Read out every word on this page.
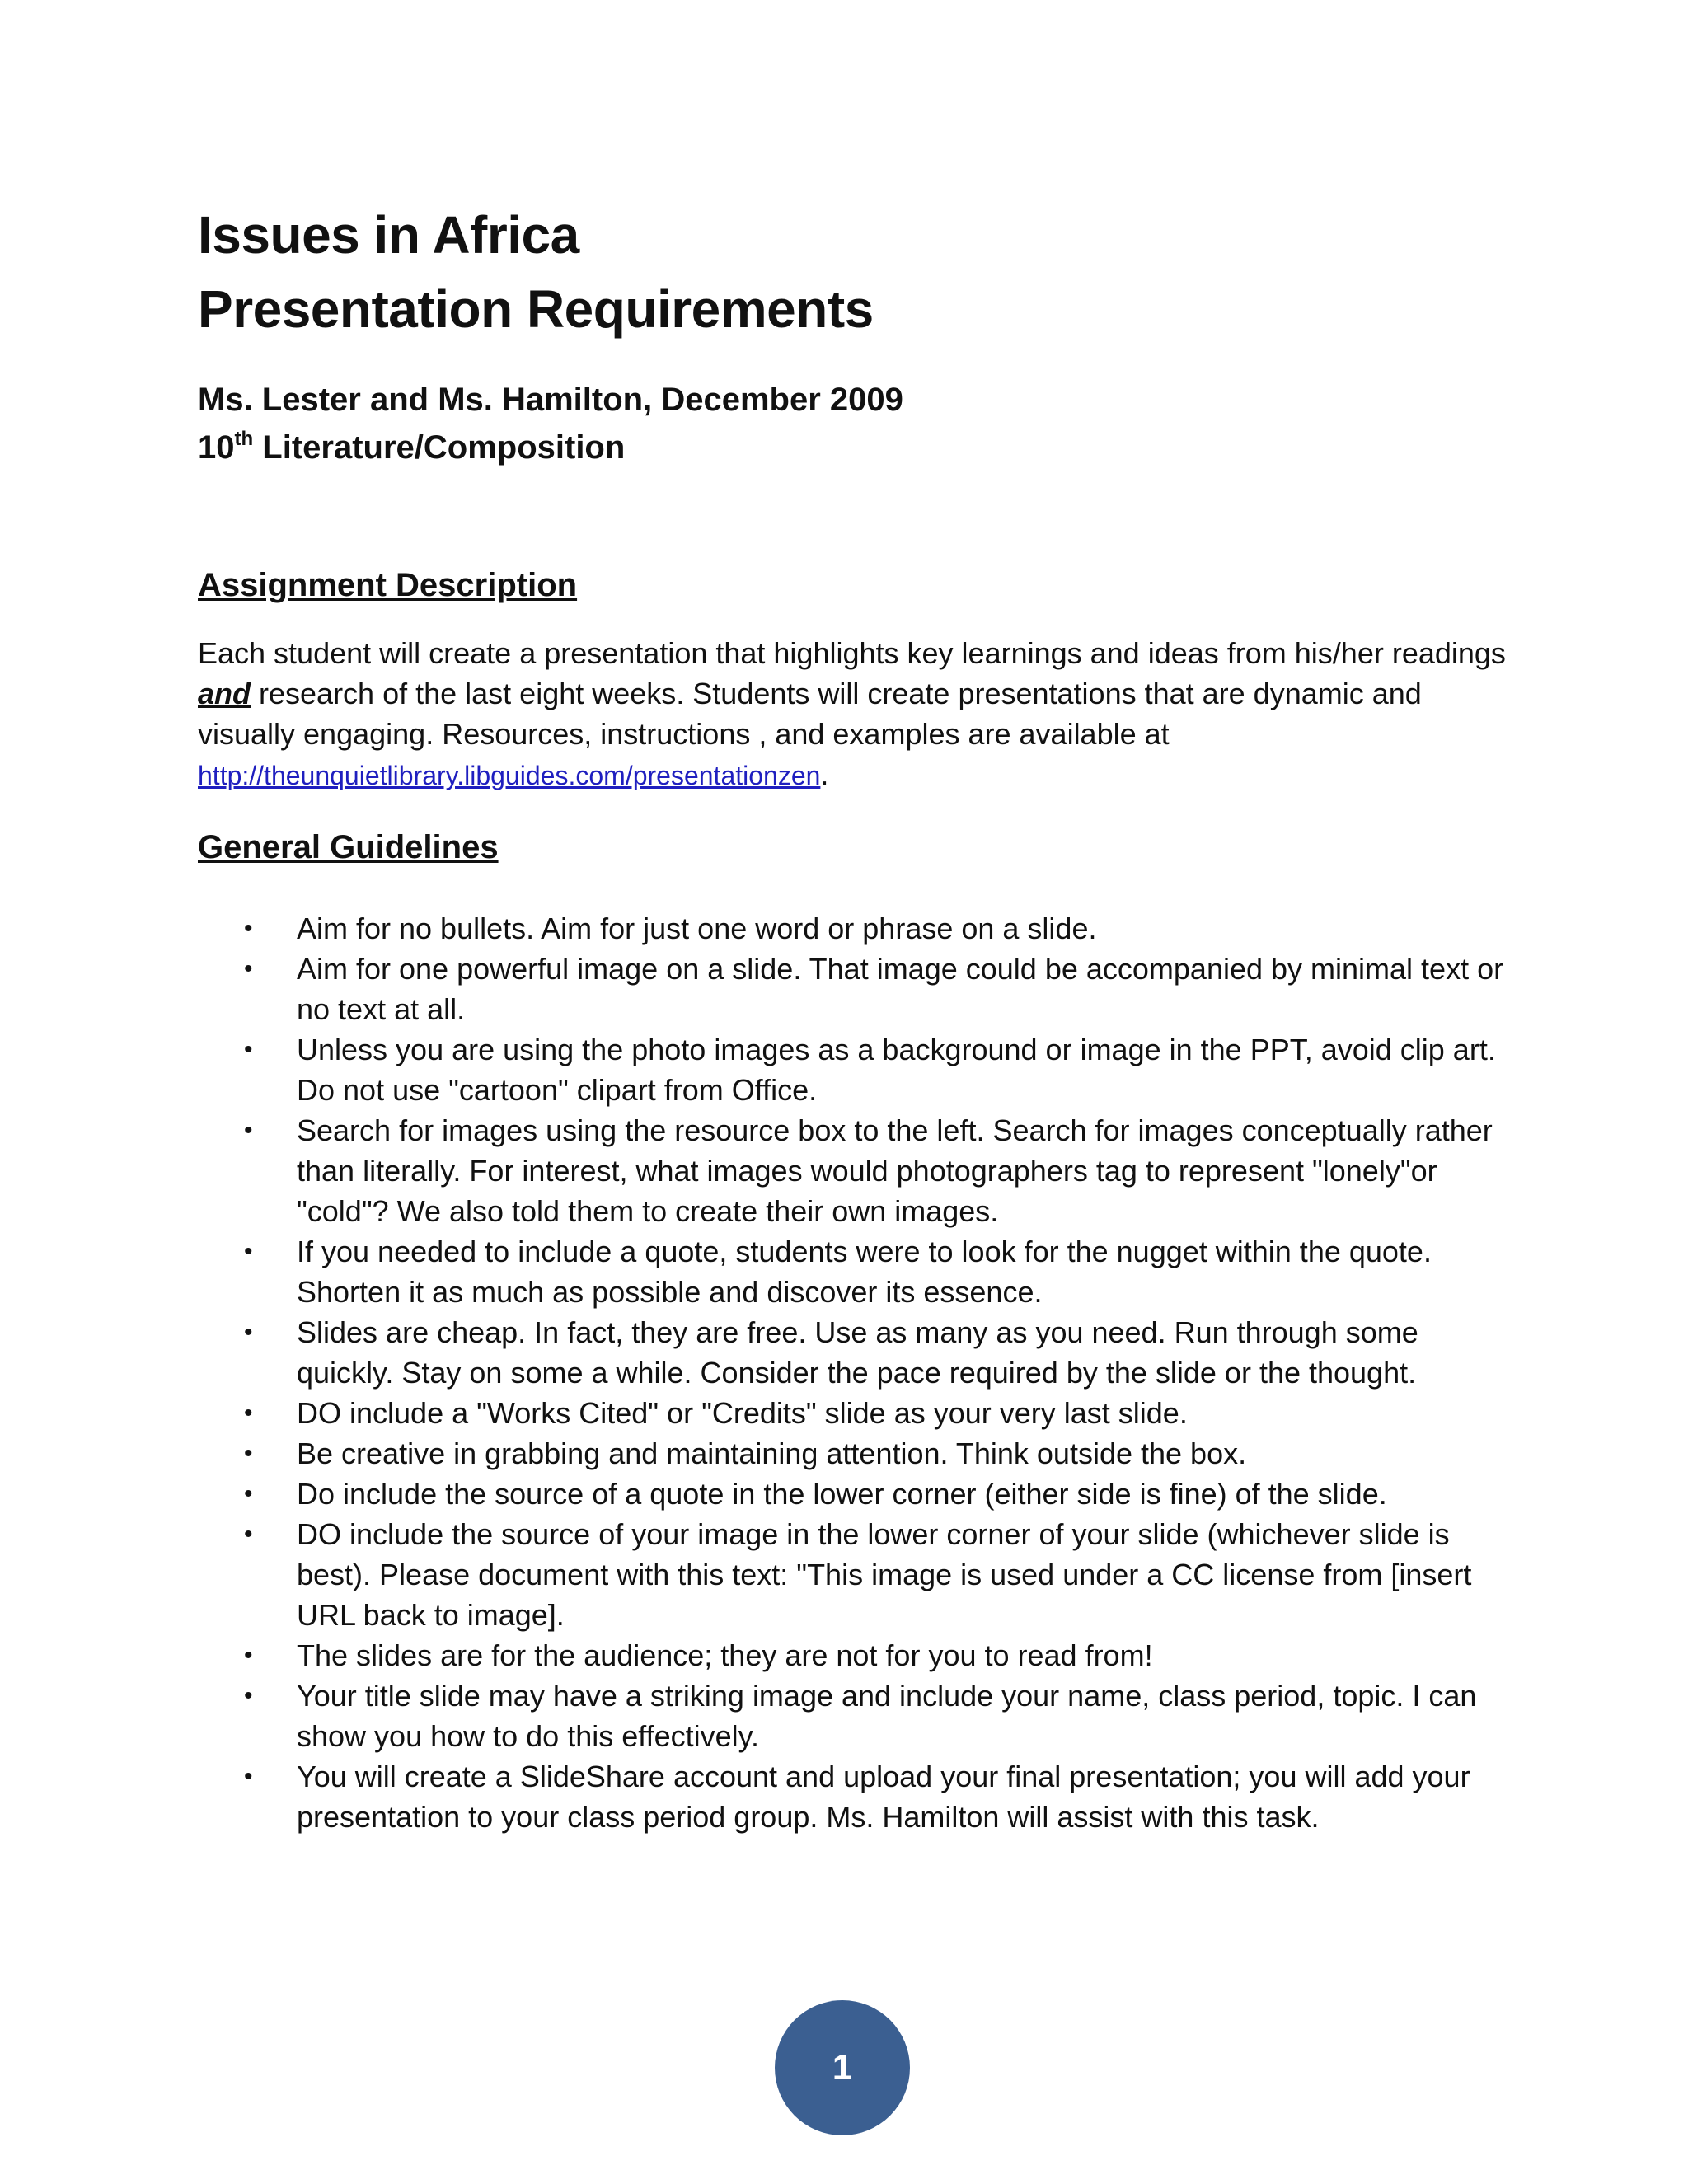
Issues in Africa
Presentation Requirements
Ms. Lester and Ms. Hamilton, December 2009
10th Literature/Composition
Assignment Description

Each student will create a presentation that highlights key learnings and ideas from his/her readings and research of the last eight weeks. Students will create presentations that are dynamic and visually engaging. Resources, instructions , and examples are available at http://theunquietlibrary.libguides.com/presentationzen.

General Guidelines
• Aim for no bullets. Aim for just one word or phrase on a slide.
• Aim for one powerful image on a slide. That image could be accompanied by minimal text or no text at all.
• Unless you are using the photo images as a background or image in the PPT, avoid clip art. Do not use "cartoon" clipart from Office.
• Search for images using the resource box to the left. Search for images conceptually rather than literally. For interest, what images would photographers tag to represent "lonely"or "cold"? We also told them to create their own images.
• If you needed to include a quote, students were to look for the nugget within the quote. Shorten it as much as possible and discover its essence.
• Slides are cheap. In fact, they are free. Use as many as you need. Run through some quickly. Stay on some a while. Consider the pace required by the slide or the thought.
• DO include a "Works Cited" or "Credits" slide as your very last slide.
• Be creative in grabbing and maintaining attention. Think outside the box.
• Do include the source of a quote in the lower corner (either side is fine) of the slide.
• DO include the source of your image in the lower corner of your slide (whichever slide is best). Please document with this text: "This image is used under a CC license from [insert URL back to image].
• The slides are for the audience; they are not for you to read from!
• Your title slide may have a striking image and include your name, class period, topic. I can show you how to do this effectively.
• You will create a SlideShare account and upload your final presentation; you will add your presentation to your class period group. Ms. Hamilton will assist with this task.
1
